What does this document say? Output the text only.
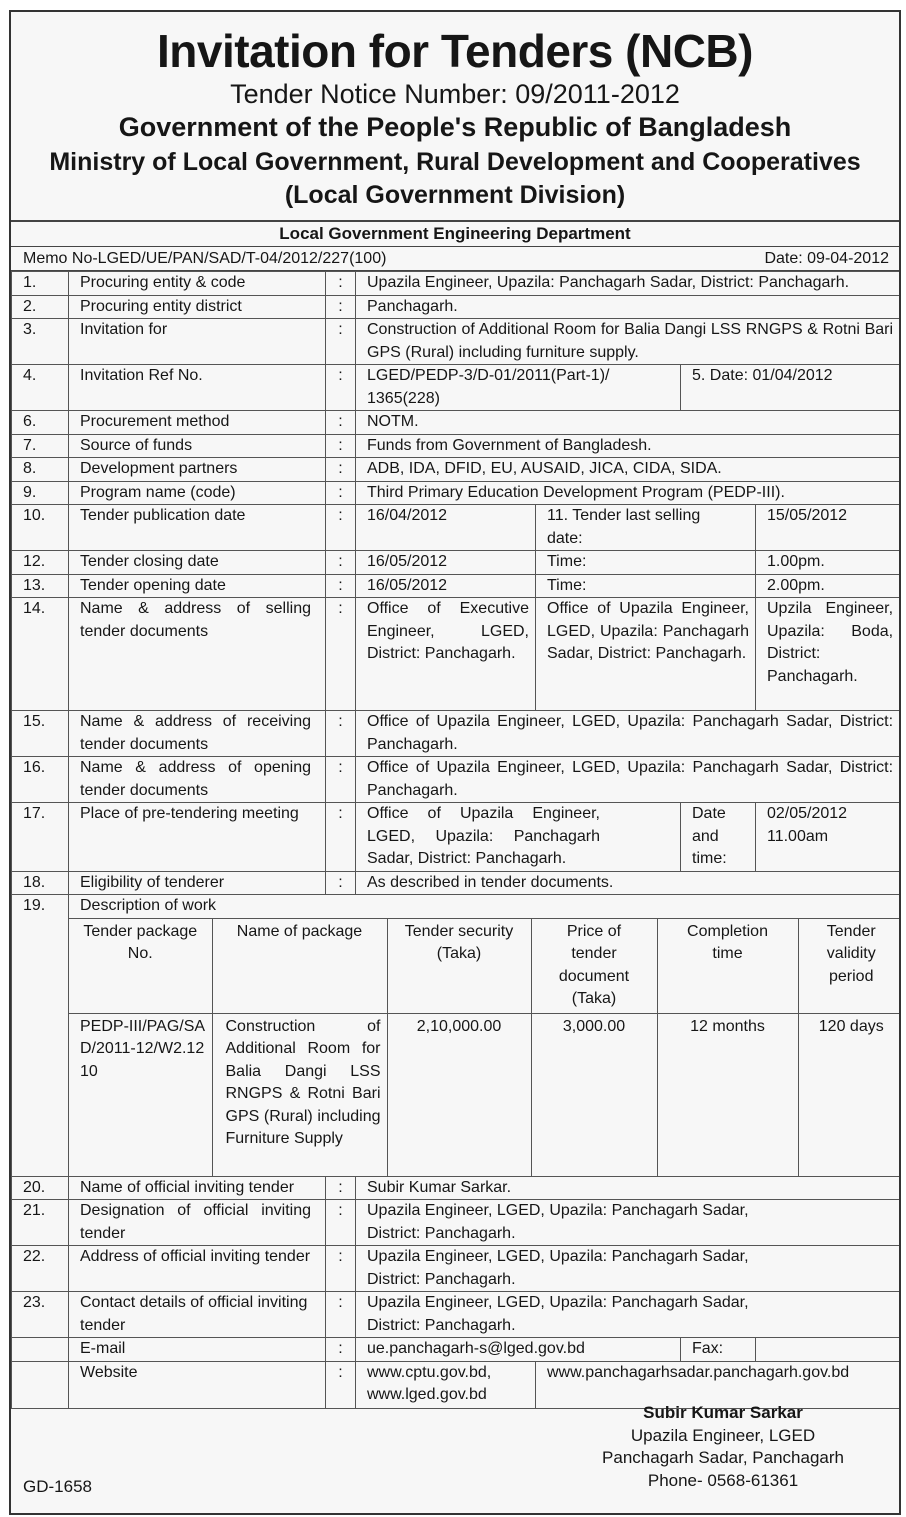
Invitation for Tenders (NCB)
Tender Notice Number: 09/2011-2012
Government of the People's Republic of Bangladesh
Ministry of Local Government, Rural Development and Cooperatives
(Local Government Division)
Local Government Engineering Department
Memo No-LGED/UE/PAN/SAD/T-04/2012/227(100)	Date: 09-04-2012
1.	Procuring entity & code	:	Upazila Engineer, Upazila: Panchagarh Sadar, District: Panchagarh.
2.	Procuring entity district	:	Panchagarh.
3.	Invitation for	:	Construction of Additional Room for Balia Dangi LSS RNGPS & Rotni Bari GPS (Rural) including furniture supply.
4.	Invitation Ref No.	:	LGED/PEDP-3/D-01/2011(Part-1)/1365(228)	5. Date: 01/04/2012
6.	Procurement method	:	NOTM.
7.	Source of funds	:	Funds from Government of Bangladesh.
8.	Development partners	:	ADB, IDA, DFID, EU, AUSAID, JICA, CIDA, SIDA.
9.	Program name (code)	:	Third Primary Education Development Program (PEDP-III).
10.	Tender publication date	:	16/04/2012	11. Tender last selling date:	15/05/2012
12.	Tender closing date	:	16/05/2012	Time:	1.00pm.
13.	Tender opening date	:	16/05/2012	Time:	2.00pm.
14.	Name & address of selling tender documents	:	Office of Executive Engineer, LGED, District: Panchagarh.	Office of Upazila Engineer, LGED, Upazila: Panchagarh Sadar, District: Panchagarh.	Upzila Engineer, Upazila: Boda, District: Panchagarh.
15.	Name & address of receiving tender documents	:	Office of Upazila Engineer, LGED, Upazila: Panchagarh Sadar, District: Panchagarh.
16.	Name & address of opening tender documents	:	Office of Upazila Engineer, LGED, Upazila: Panchagarh Sadar, District: Panchagarh.
17.	Place of pre-tendering meeting	:	Office of Upazila Engineer, LGED, Upazila: Panchagarh Sadar, District: Panchagarh.	Date and time:	02/05/2012 11.00am
18.	Eligibility of tenderer	:	As described in tender documents.
19.	Description of work

Tender package No.	Name of package	Tender security (Taka)	Price of tender document (Taka)	Completion time	Tender validity period
PEDP-III/PAG/SAD/2011-12/W2.1210	Construction of Additional Room for Balia Dangi LSS RNGPS & Rotni Bari GPS (Rural) including Furniture Supply	2,10,000.00	3,000.00	12 months	120 days

20.	Name of official inviting tender	:	Subir Kumar Sarkar.
21.	Designation of official inviting tender	:	Upazila Engineer, LGED, Upazila: Panchagarh Sadar, District: Panchagarh.
22.	Address of official inviting tender	:	Upazila Engineer, LGED, Upazila: Panchagarh Sadar, District: Panchagarh.
23.	Contact details of official inviting tender	:	Upazila Engineer, LGED, Upazila: Panchagarh Sadar, District: Panchagarh.
	E-mail	:	ue.panchagarh-s@lged.gov.bd	Fax:	
	Website	:	www.cptu.gov.bd, www.lged.gov.bd	www.panchagarhsadar.panchagarh.gov.bd
GD-1658
Subir Kumar Sarkar
Upazila Engineer, LGED
Panchagarh Sadar, Panchagarh
Phone- 0568-61361
